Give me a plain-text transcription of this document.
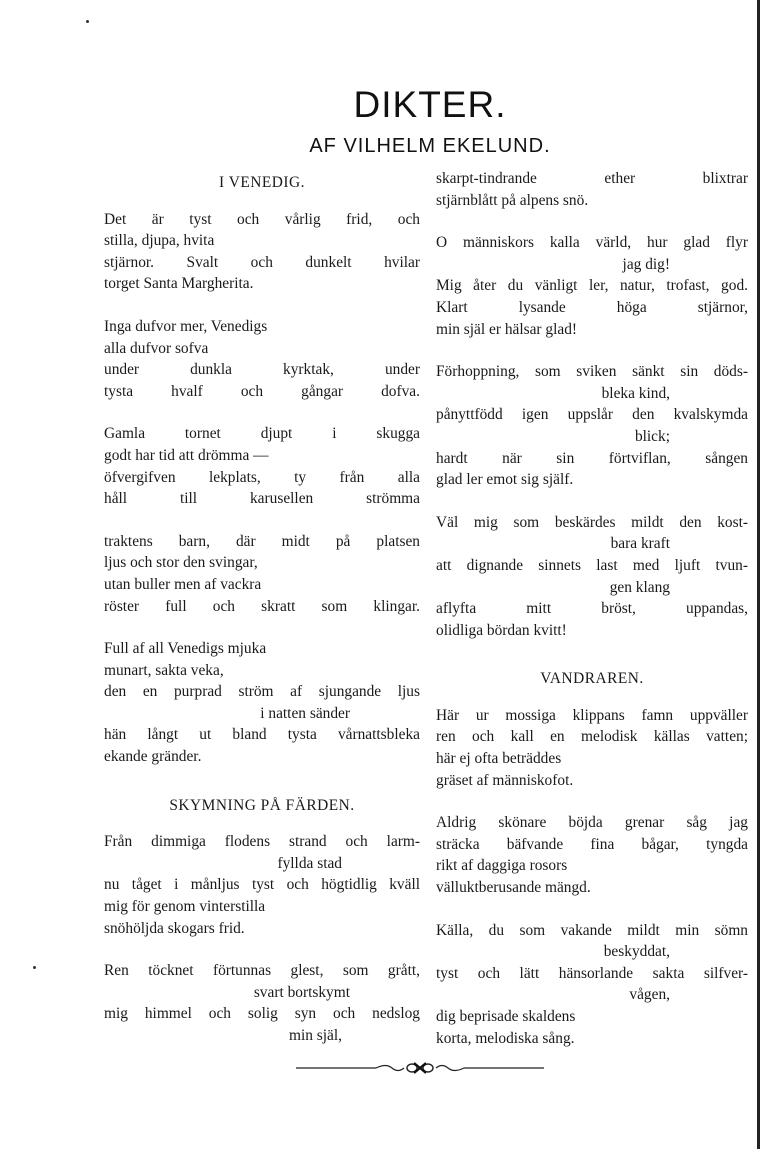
DIKTER.
AF VILHELM EKELUND.
I VENEDIG.
Det är tyst och vårlig frid, och
stilla, djupa, hvita
stjärnor. Svalt och dunkelt hvilar
torget Santa Margherita.
Inga dufvor mer, Venedigs
alla dufvor sofva
under dunkla kyrktak, under
tysta hvalf och gångar dofva.
Gamla tornet djupt i skugga
godt har tid att drömma —
öfvergifven lekplats, ty från alla
håll till karusellen strömma
traktens barn, där midt på platsen
ljus och stor den svingar,
utan buller men af vackra
röster full och skratt som klingar.
Full af all Venedigs mjuka
munart, sakta veka,
den en purprad ström af sjungande ljus
i natten sänder
hän långt ut bland tysta vårnattsbleka
ekande gränder.
SKYMNING PÅ FÄRDEN.
Från dimmiga flodens strand och larm-
fyllda stad
nu tåget i månljus tyst och högtidlig kväll
mig för genom vinterstilla
snöhöljda skogars frid.
Ren töcknet förtunnas glest, som grått,
svart bortskymt
mig himmel och solig syn och nedslog
min själ,
skarpt-tindrande ether blixtrar
stjärnblått på alpens snö.
O människors kalla värld, hur glad flyr
jag dig!
Mig åter du vänligt ler, natur, trofast, god.
Klart lysande höga stjärnor,
min själ er hälsar glad!
Förhoppning, som sviken sänkt sin döds-
bleka kind,
pånyttfödd igen uppslår den kvalskymda
blick;
hardt när sin förtviflan, sången
glad ler emot sig själf.
Väl mig som beskärdes mildt den kost-
bara kraft
att dignande sinnets last med ljuft tvun-
gen klang
aflyfta mitt bröst, uppandas,
olidliga bördan kvitt!
VANDRAREN.
Här ur mossiga klippans famn uppväller
ren och kall en melodisk källas vatten;
här ej ofta beträddes
gräset af människofot.
Aldrig skönare böjda grenar såg jag
sträcka bäfvande fina bågar, tyngda
rikt af daggiga rosors
välluktberusande mängd.
Källa, du som vakande mildt min sömn
beskyddat,
tyst och lätt hänsorlande sakta silfver-
vågen,
dig beprisade skaldens
korta, melodiska sång.
